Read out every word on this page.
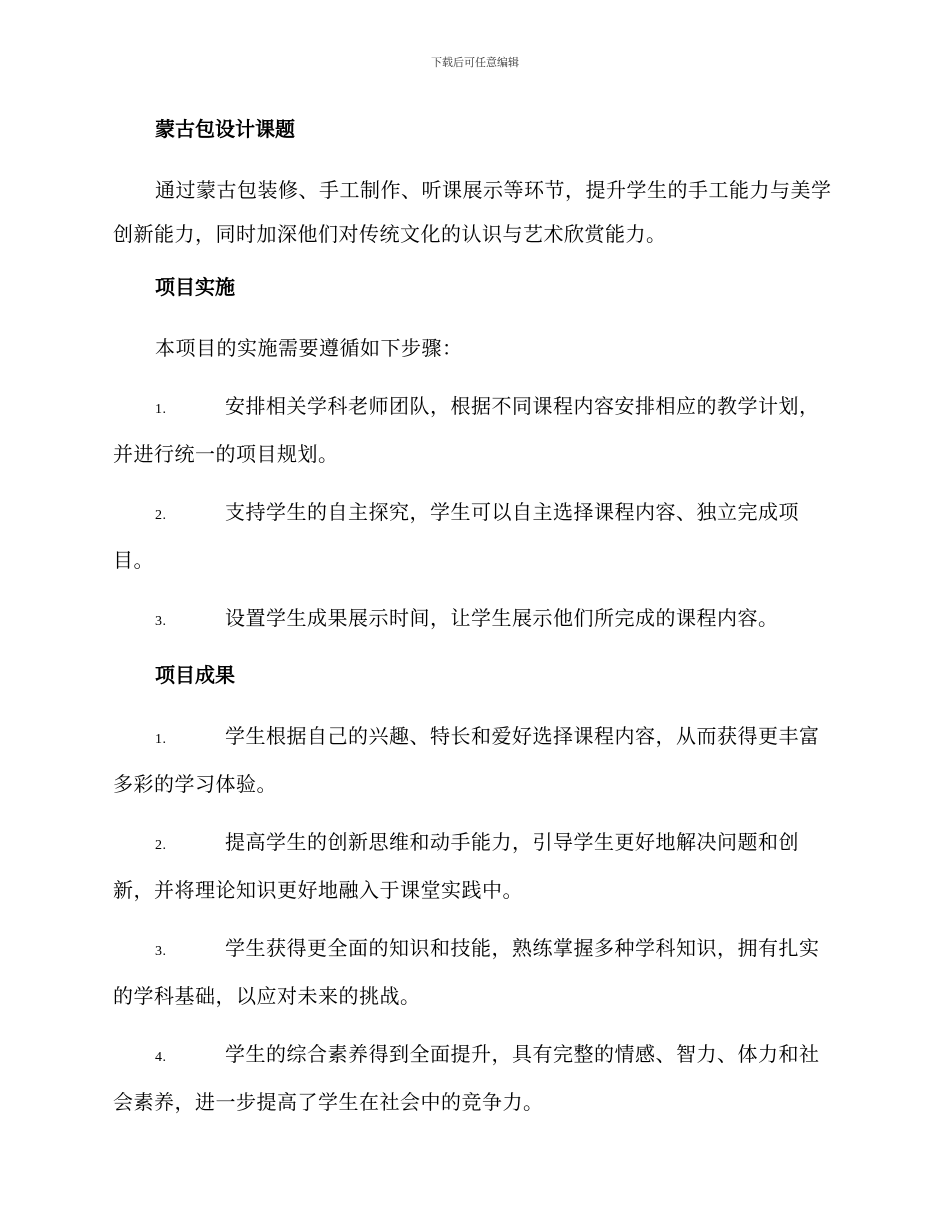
下载后可任意编辑
蒙古包设计课题

通过蒙古包装修、手工制作、听课展示等环节，提升学生的手工能力与美学创新能力，同时加深他们对传统文化的认识与艺术欣赏能力。

项目实施

本项目的实施需要遵循如下步骤：

1.	安排相关学科老师团队，根据不同课程内容安排相应的教学计划，并进行统一的项目规划。
2.	支持学生的自主探究，学生可以自主选择课程内容、独立完成项目。
3.	设置学生成果展示时间，让学生展示他们所完成的课程内容。
项目成果
1.	学生根据自己的兴趣、特长和爱好选择课程内容，从而获得更丰富多彩的学习体验。
2.	提高学生的创新思维和动手能力，引导学生更好地解决问题和创新，并将理论知识更好地融入于课堂实践中。
3.	学生获得更全面的知识和技能，熟练掌握多种学科知识，拥有扎实的学科基础，以应对未来的挑战。
4.	学生的综合素养得到全面提升，具有完整的情感、智力、体力和社会素养，进一步提高了学生在社会中的竞争力。
